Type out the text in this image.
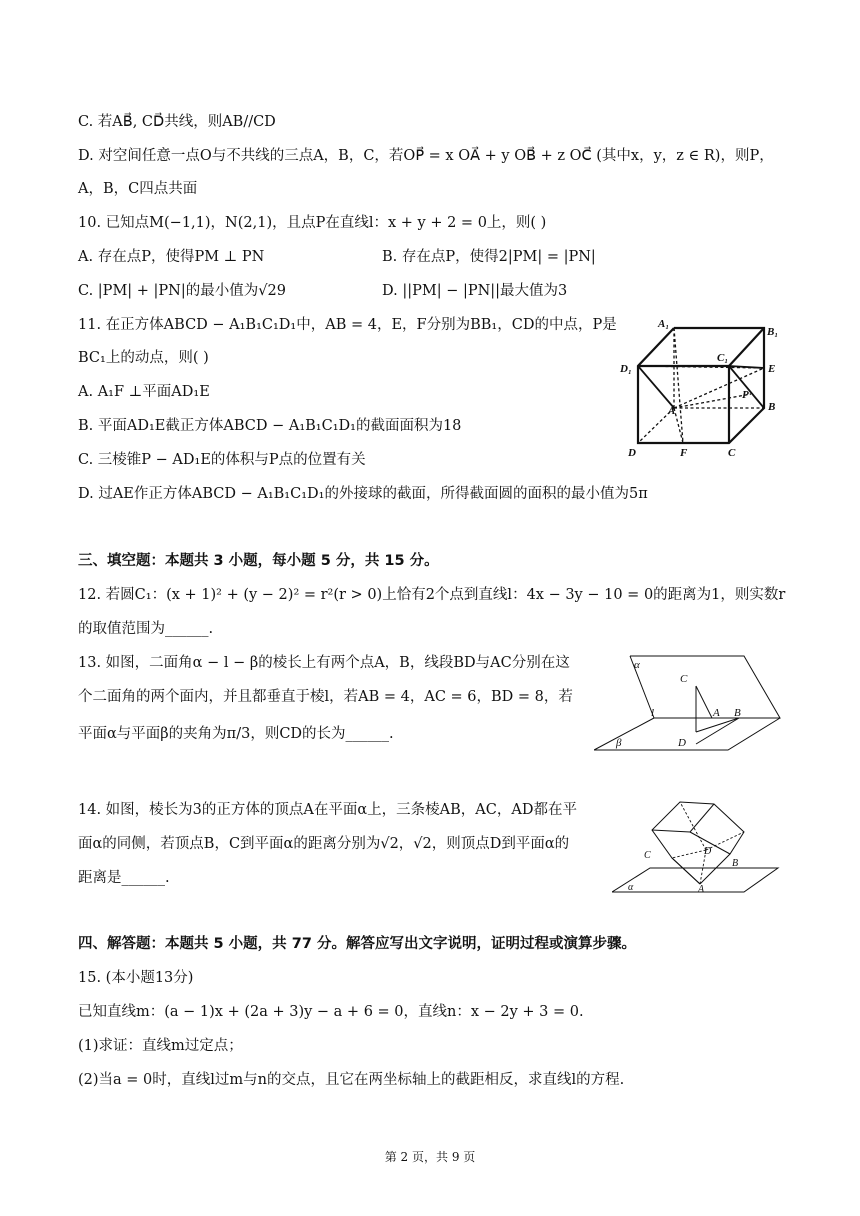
C. 若AB⃗, CD⃗共线，则AB//CD
D. 对空间任意一点O与不共线的三点A，B，C，若OP⃗ = x OA⃗ + y OB⃗ + z OC⃗ (其中x，y，z ∈ R)，则P，
A，B，C四点共面
10. 已知点M(−1,1)，N(2,1)，且点P在直线l：x + y + 2 = 0上，则( )
A. 存在点P，使得PM ⊥ PN	B. 存在点P，使得2|PM| = |PN|
C. |PM| + |PN|的最小值为√29	D. ||PM| − |PN||最大值为3
11. 在正方体ABCD − A₁B₁C₁D₁中，AB = 4，E，F分别为BB₁，CD的中点，P是
BC₁上的动点，则( )
A. A₁F ⊥平面AD₁E
B. 平面AD₁E截正方体ABCD − A₁B₁C₁D₁的截面面积为18
C. 三棱锥P − AD₁E的体积与P点的位置有关
D. 过AE作正方体ABCD − A₁B₁C₁D₁的外接球的截面，所得截面圆的面积的最小值为5π
A₁
B₁
C₁
D₁	E
P
A	B
D	F	C
三、填空题：本题共 3 小题，每小题 5 分，共 15 分。
12. 若圆C₁：(x + 1)² + (y − 2)² = r²(r > 0)上恰有2个点到直线l：4x − 3y − 10 = 0的距离为1，则实数r
的取值范围为______.
13. 如图，二面角α − l − β的棱长上有两个点A，B，线段BD与AC分别在这
个二面角的两个面内，并且都垂直于棱l，若AB = 4，AC = 6，BD = 8，若
平面α与平面β的夹角为π/3，则CD的长为______.
α
C
l	A B
β	D
14. 如图，棱长为3的正方体的顶点A在平面α上，三条棱AB，AC，AD都在平
面α的同侧，若顶点B，C到平面α的距离分别为√2，√2，则顶点D到平面α的
距离是______.
C	D
B
A
α
四、解答题：本题共 5 小题，共 77 分。解答应写出文字说明，证明过程或演算步骤。
15. (本小题13分)
已知直线m：(a − 1)x + (2a + 3)y − a + 6 = 0，直线n：x − 2y + 3 = 0.
(1)求证：直线m过定点；
(2)当a = 0时，直线l过m与n的交点，且它在两坐标轴上的截距相反，求直线l的方程.
第 2 页，共 9 页
